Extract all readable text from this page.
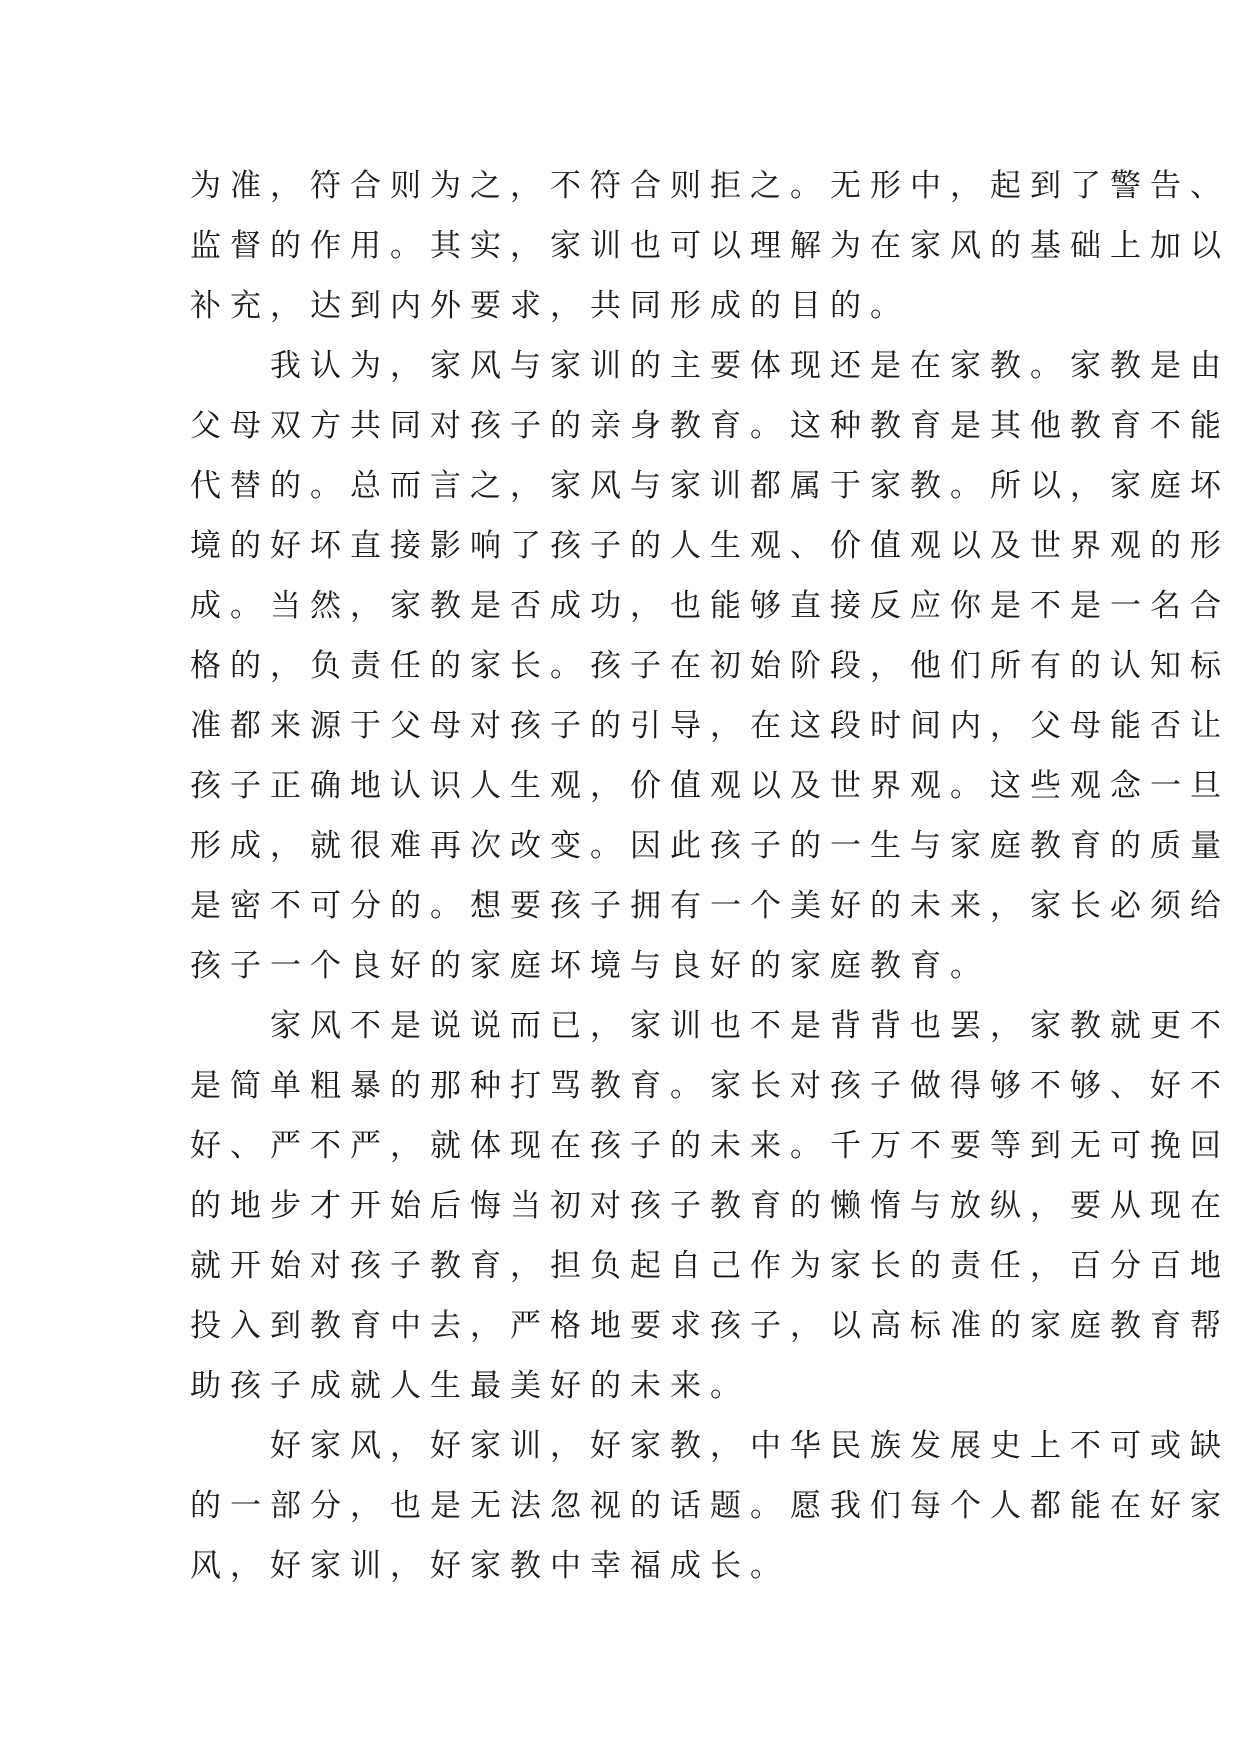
为准，符合则为之，不符合则拒之。无形中，起到了警告、
监督的作用。其实，家训也可以理解为在家风的基础上加以
补充，达到内外要求，共同形成的目的。
　　我认为，家风与家训的主要体现还是在家教。家教是由
父母双方共同对孩子的亲身教育。这种教育是其他教育不能
代替的。总而言之，家风与家训都属于家教。所以，家庭坏
境的好坏直接影响了孩子的人生观、价值观以及世界观的形
成。当然，家教是否成功，也能够直接反应你是不是一名合
格的，负责任的家长。孩子在初始阶段，他们所有的认知标
准都来源于父母对孩子的引导，在这段时间内，父母能否让
孩子正确地认识人生观，价值观以及世界观。这些观念一旦
形成，就很难再次改变。因此孩子的一生与家庭教育的质量
是密不可分的。想要孩子拥有一个美好的未来，家长必须给
孩子一个良好的家庭坏境与良好的家庭教育。
　　家风不是说说而已，家训也不是背背也罢，家教就更不
是简单粗暴的那种打骂教育。家长对孩子做得够不够、好不
好、严不严，就体现在孩子的未来。千万不要等到无可挽回
的地步才开始后悔当初对孩子教育的懒惰与放纵，要从现在
就开始对孩子教育，担负起自己作为家长的责任，百分百地
投入到教育中去，严格地要求孩子，以高标准的家庭教育帮
助孩子成就人生最美好的未来。
　　好家风，好家训，好家教，中华民族发展史上不可或缺
的一部分，也是无法忽视的话题。愿我们每个人都能在好家
风，好家训，好家教中幸福成长。
